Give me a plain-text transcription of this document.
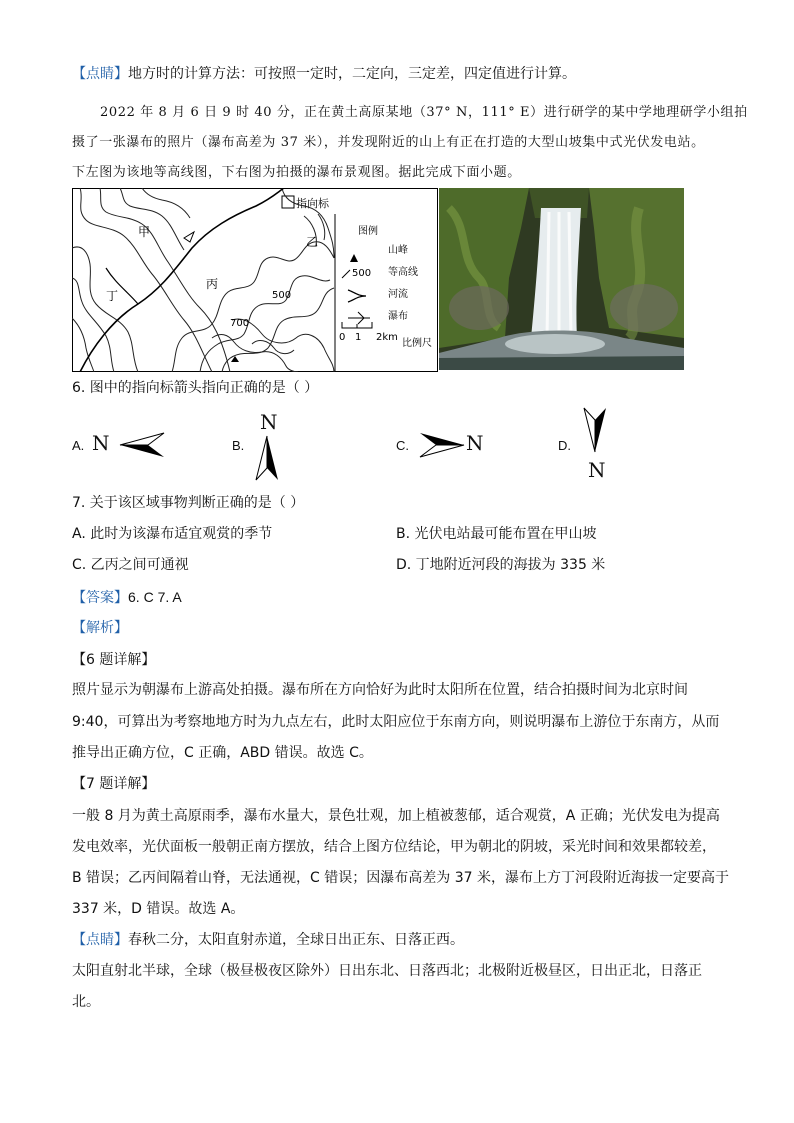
【点睛】地方时的计算方法：可按照一定时，二定向，三定差，四定值进行计算。
2022 年 8 月 6 日 9 时 40 分，正在黄土高原某地（37° N，111° E）进行研学的某中学地理研学小组拍
摄了一张瀑布的照片（瀑布高差为 37 米），并发现附近的山上有正在打造的大型山坡集中式光伏发电站。
下左图为该地等高线图，下右图为拍摄的瀑布景观图。据此完成下面小题。
指向标
甲
乙
丙
丁	500
700
图例
山峰
500 等高线
河流
瀑布
0 1 2km
比例尺
6. 图中的指向标箭头指向正确的是（ ）
A. N	B.
N
C.	N	D.
N
7. 关于该区域事物判断正确的是（ ）
A. 此时为该瀑布适宜观赏的季节	B. 光伏电站最可能布置在甲山坡
C. 乙丙之间可通视	D. 丁地附近河段的海拔为 335 米
【答案】6. C 7. A
【解析】
【6 题详解】
照片显示为朝瀑布上游高处拍摄。瀑布所在方向恰好为此时太阳所在位置，结合拍摄时间为北京时间
9:40，可算出为考察地地方时为九点左右，此时太阳应位于东南方向，则说明瀑布上游位于东南方，从而
推导出正确方位，C 正确，ABD 错误。故选 C。
【7 题详解】
一般 8 月为黄土高原雨季，瀑布水量大，景色壮观，加上植被葱郁，适合观赏，A 正确；光伏发电为提高
发电效率，光伏面板一般朝正南方摆放，结合上图方位结论，甲为朝北的阴坡，采光时间和效果都较差，
B 错误；乙丙间隔着山脊，无法通视，C 错误；因瀑布高差为 37 米，瀑布上方丁河段附近海拔一定要高于
337 米，D 错误。故选 A。
【点睛】春秋二分，太阳直射赤道，全球日出正东、日落正西。
太阳直射北半球，全球（极昼极夜区除外）日出东北、日落西北；北极附近极昼区，日出正北，日落正
北。
